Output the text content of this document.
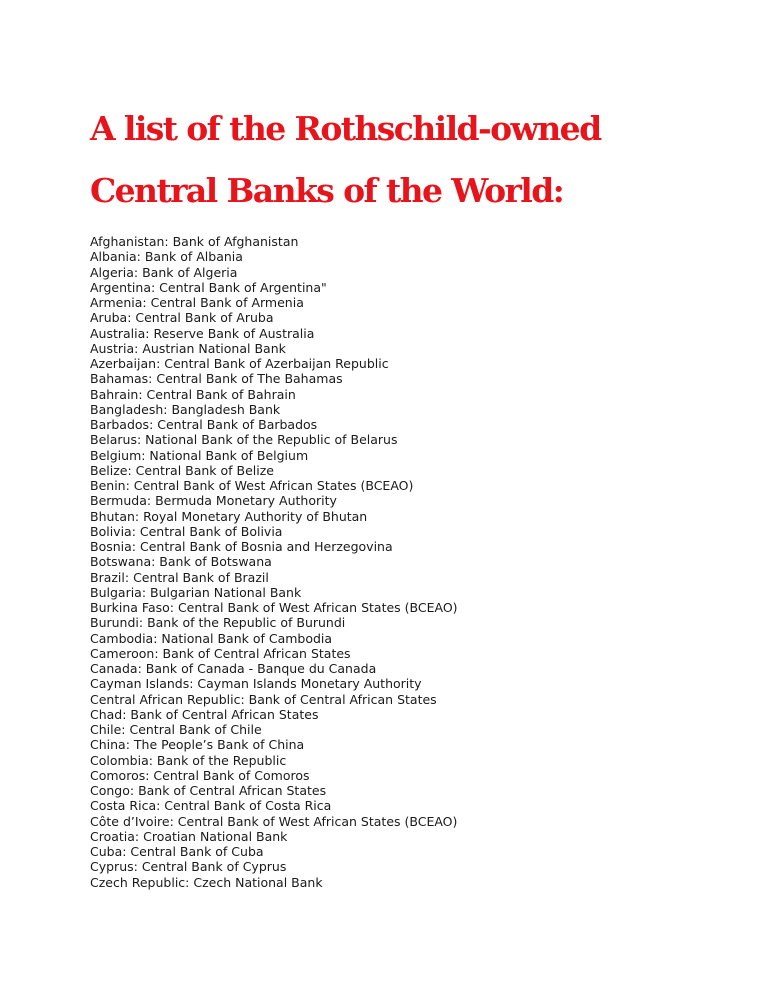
A list of the Rothschild-owned
Central Banks of the World:
Afghanistan: Bank of Afghanistan
Albania: Bank of Albania
Algeria: Bank of Algeria
Argentina: Central Bank of Argentina"
Armenia: Central Bank of Armenia
Aruba: Central Bank of Aruba
Australia: Reserve Bank of Australia
Austria: Austrian National Bank
Azerbaijan: Central Bank of Azerbaijan Republic
Bahamas: Central Bank of The Bahamas
Bahrain: Central Bank of Bahrain
Bangladesh: Bangladesh Bank
Barbados: Central Bank of Barbados
Belarus: National Bank of the Republic of Belarus
Belgium: National Bank of Belgium
Belize: Central Bank of Belize
Benin: Central Bank of West African States (BCEAO)
Bermuda: Bermuda Monetary Authority
Bhutan: Royal Monetary Authority of Bhutan
Bolivia: Central Bank of Bolivia
Bosnia: Central Bank of Bosnia and Herzegovina
Botswana: Bank of Botswana
Brazil: Central Bank of Brazil
Bulgaria: Bulgarian National Bank
Burkina Faso: Central Bank of West African States (BCEAO)
Burundi: Bank of the Republic of Burundi
Cambodia: National Bank of Cambodia
Cameroon: Bank of Central African States
Canada: Bank of Canada - Banque du Canada
Cayman Islands: Cayman Islands Monetary Authority
Central African Republic: Bank of Central African States
Chad: Bank of Central African States
Chile: Central Bank of Chile
China: The People’s Bank of China
Colombia: Bank of the Republic
Comoros: Central Bank of Comoros
Congo: Bank of Central African States
Costa Rica: Central Bank of Costa Rica
Côte d’Ivoire: Central Bank of West African States (BCEAO)
Croatia: Croatian National Bank
Cuba: Central Bank of Cuba
Cyprus: Central Bank of Cyprus
Czech Republic: Czech National Bank
